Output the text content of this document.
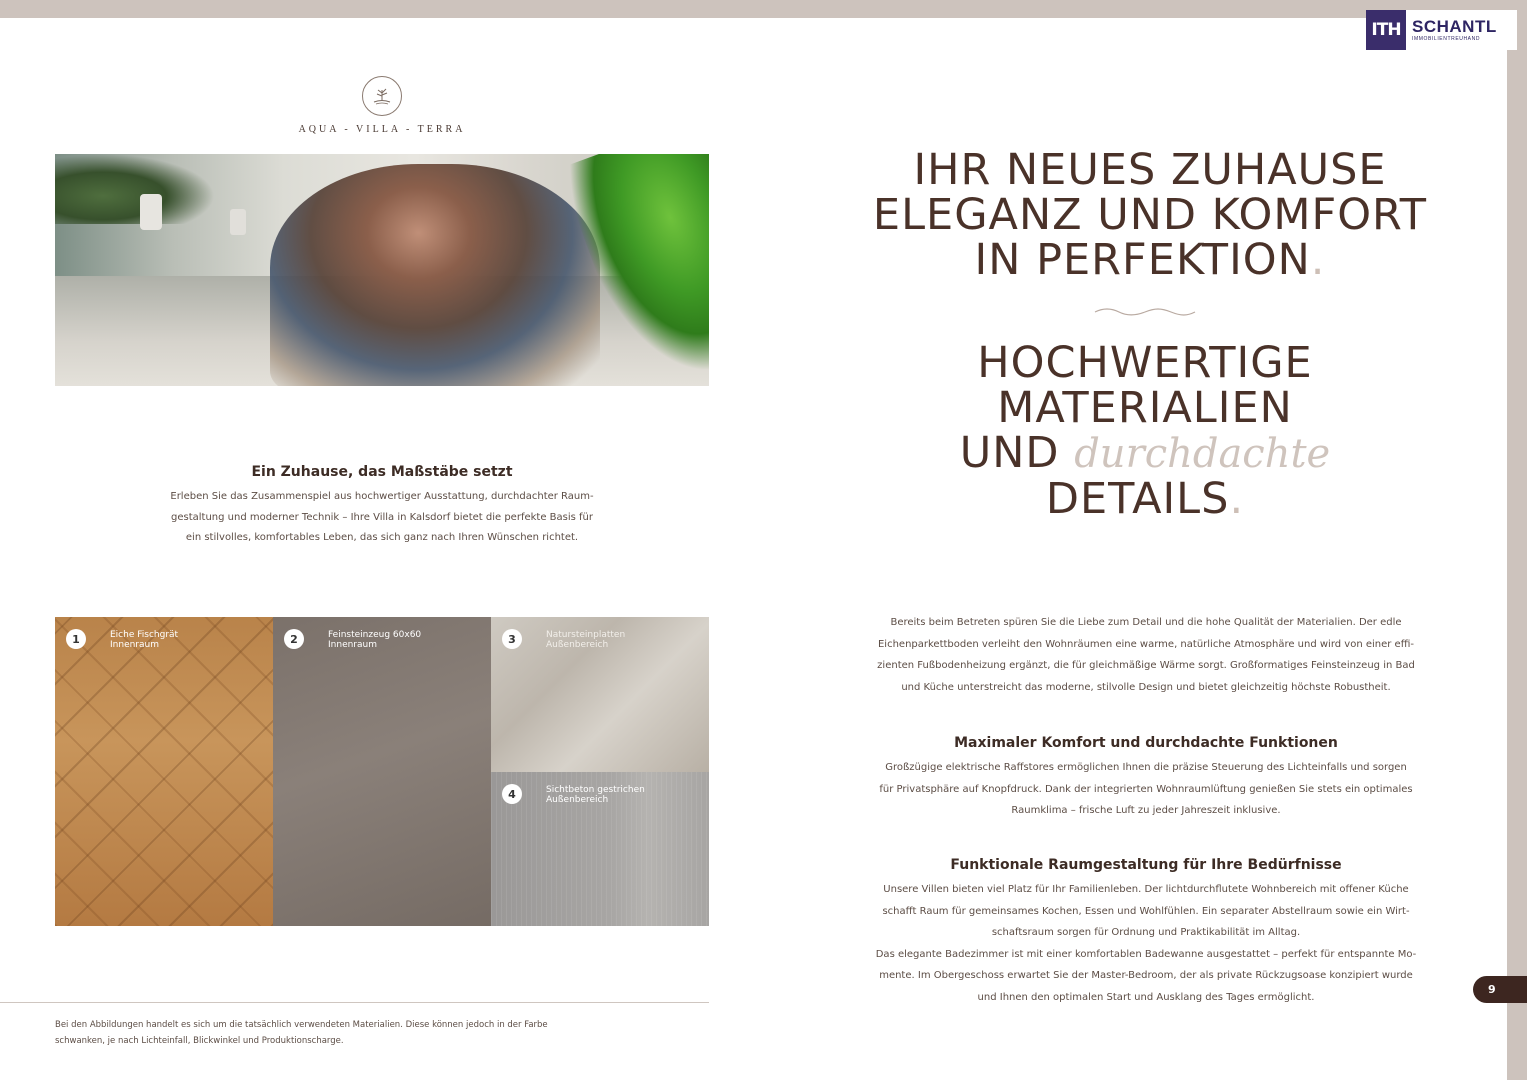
ITH SCHANTL
IMMOBILIENTREUHAND
AQUA - VILLA - TERRA
Ein Zuhause, das Maßstäbe setzt
Erleben Sie das Zusammenspiel aus hochwertiger Ausstattung, durchdachter Raum-
gestaltung und moderner Technik – Ihre Villa in Kalsdorf bietet die perfekte Basis für
ein stilvolles, komfortables Leben, das sich ganz nach Ihren Wünschen richtet.
1	Eiche Fischgrät
Innenraum	2	Feinsteinzeug 60x60
Innenraum	3	Natursteinplatten
Außenbereich
4	Sichtbeton gestrichen
Außenbereich
Bei den Abbildungen handelt es sich um die tatsächlich verwendeten Materialien. Diese können jedoch in der Farbe
schwanken, je nach Lichteinfall, Blickwinkel und Produktionscharge.
IHR NEUES ZUHAUSE
ELEGANZ UND KOMFORT
IN PERFEKTION.
HOCHWERTIGE
MATERIALIEN
UND durchdachte
DETAILS.
Bereits beim Betreten spüren Sie die Liebe zum Detail und die hohe Qualität der Materialien. Der edle
Eichenparkettboden verleiht den Wohnräumen eine warme, natürliche Atmosphäre und wird von einer effi-
zienten Fußbodenheizung ergänzt, die für gleichmäßige Wärme sorgt. Großformatiges Feinsteinzeug in Bad
und Küche unterstreicht das moderne, stilvolle Design und bietet gleichzeitig höchste Robustheit.
Maximaler Komfort und durchdachte Funktionen
Großzügige elektrische Raffstores ermöglichen Ihnen die präzise Steuerung des Lichteinfalls und sorgen
für Privatsphäre auf Knopfdruck. Dank der integrierten Wohnraumlüftung genießen Sie stets ein optimales
Raumklima – frische Luft zu jeder Jahreszeit inklusive.
Funktionale Raumgestaltung für Ihre Bedürfnisse
Unsere Villen bieten viel Platz für Ihr Familienleben. Der lichtdurchflutete Wohnbereich mit offener Küche
schafft Raum für gemeinsames Kochen, Essen und Wohlfühlen. Ein separater Abstellraum sowie ein Wirt-
schaftsraum sorgen für Ordnung und Praktikabilität im Alltag.
Das elegante Badezimmer ist mit einer komfortablen Badewanne ausgestattet – perfekt für entspannte Mo-
mente. Im Obergeschoss erwartet Sie der Master-Bedroom, der als private Rückzugsoase konzipiert wurde
und Ihnen den optimalen Start und Ausklang des Tages ermöglicht.
9
